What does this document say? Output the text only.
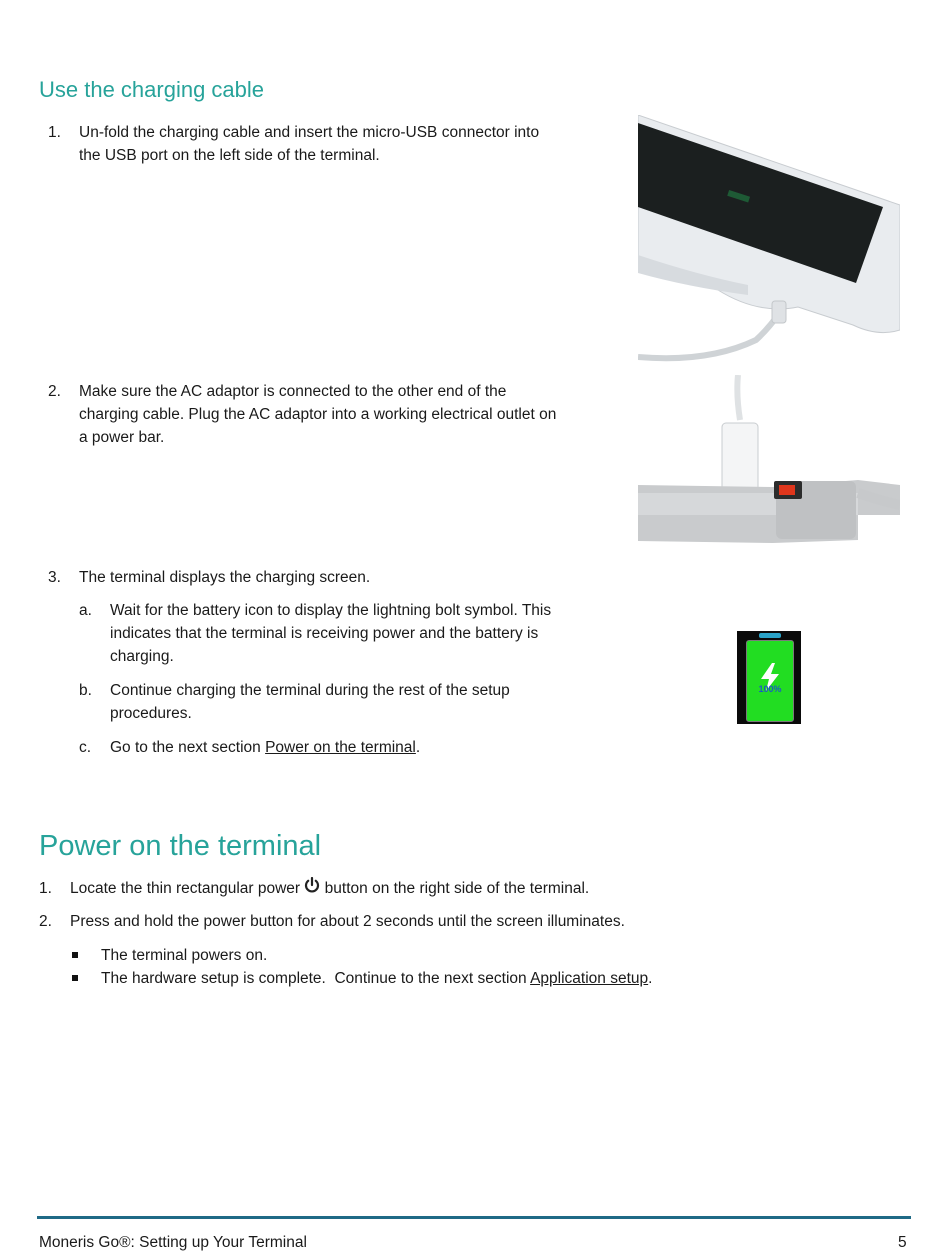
Use the charging cable
1.	Un-fold the charging cable and insert the micro-USB connector into
the USB port on the left side of the terminal.
2.	Make sure the AC adaptor is connected to the other end of the
charging cable. Plug the AC adaptor into a working electrical outlet on
a power bar.
3.	The terminal displays the charging screen.
a.	Wait for the battery icon to display the lightning bolt symbol. This
indicates that the terminal is receiving power and the battery is
charging.
b.	Continue charging the terminal during the rest of the setup
procedures.
c.	Go to the next section Power on the terminal.
100%
Power on the terminal
1.	Locate the thin rectangular power  button on the right side of the terminal.
2.	Press and hold the power button for about 2 seconds until the screen illuminates.
The terminal powers on.
The hardware setup is complete.  Continue to the next section Application setup.
Moneris Go®: Setting up Your Terminal	5
